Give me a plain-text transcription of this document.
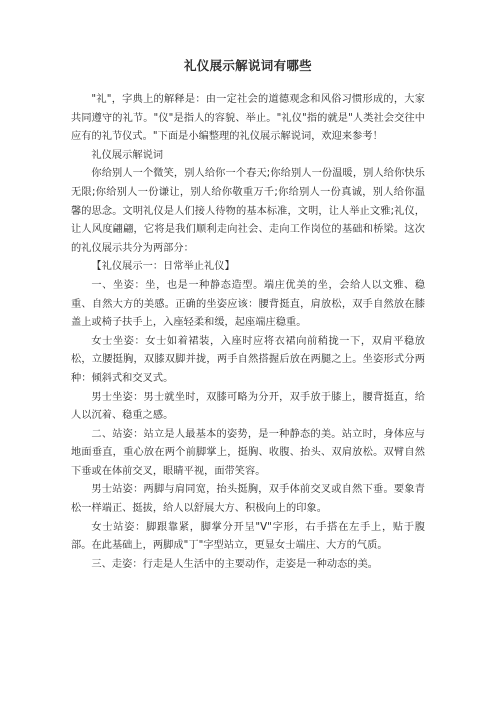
礼仪展示解说词有哪些

"礼"，字典上的解释是：由一定社会的道德观念和风俗习惯形成的，大家共同遵守的礼节。"仪"是指人的容貌、举止。"礼仪"指的就是"人类社会交往中应有的礼节仪式。"下面是小编整理的礼仪展示解说词，欢迎来参考！

礼仪展示解说词

你给别人一个微笑，别人给你一个春天;你给别人一份温暖，别人给你快乐无限;你给别人一份谦让，别人给你敬重万千;你给别人一份真诚，别人给你温馨的思念。文明礼仪是人们接人待物的基本标准，文明，让人举止文雅;礼仪，让人风度翩翩，它将是我们顺利走向社会、走向工作岗位的基础和桥梁。这次的礼仪展示共分为两部分：

【礼仪展示一：日常举止礼仪】

一、坐姿：坐，也是一种静态造型。端庄优美的坐，会给人以文雅、稳重、自然大方的美感。正确的坐姿应该：腰背挺直，肩放松，双手自然放在膝盖上或椅子扶手上，入座轻柔和缓，起座端庄稳重。

女士坐姿：女士如着裙装，入座时应将衣裙向前稍拢一下，双肩平稳放松，立腰挺胸，双膝双脚并拢，两手自然搭握后放在两腿之上。坐姿形式分两种：倾斜式和交叉式。

男士坐姿：男士就坐时，双膝可略为分开，双手放于膝上，腰背挺直，给人以沉着、稳重之感。

二、站姿：站立是人最基本的姿势，是一种静态的美。站立时，身体应与地面垂直，重心放在两个前脚掌上，挺胸、收腹、抬头、双肩放松。双臂自然下垂或在体前交叉，眼睛平视，面带笑容。

男士站姿：两脚与肩同宽，抬头挺胸，双手体前交叉或自然下垂。要象青松一样端正、挺拔，给人以舒展大方、积极向上的印象。

女士站姿：脚跟靠紧，脚掌分开呈"V"字形，右手搭在左手上，贴于腹部。在此基础上，两脚成"丁"字型站立，更显女士端庄、大方的气质。

三、走姿：行走是人生活中的主要动作，走姿是一种动态的美。
